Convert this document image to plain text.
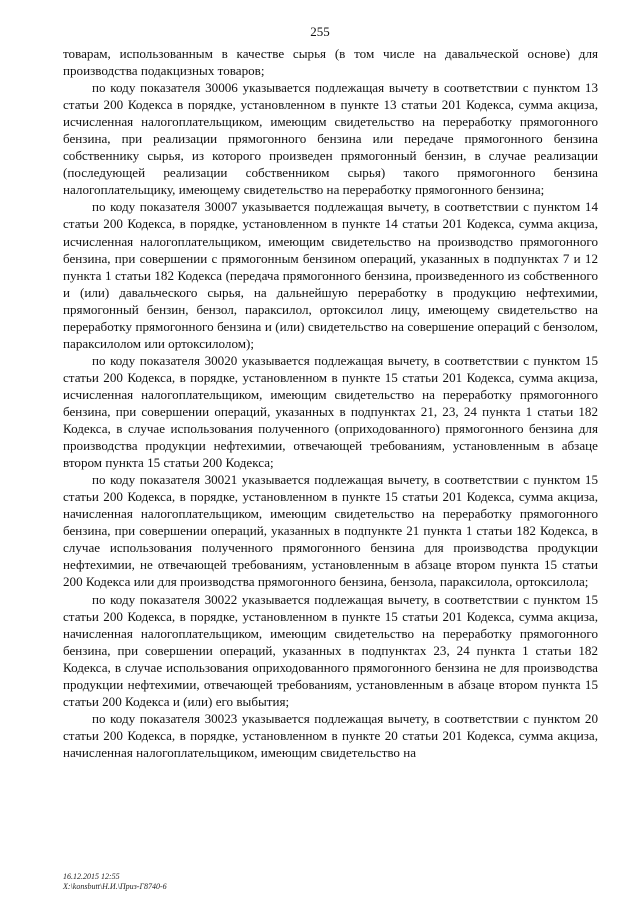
255

товарам, использованным в качестве сырья (в том числе на давальческой основе) для производства подакцизных товаров;

по коду показателя 30006 указывается подлежащая вычету в соответствии с пунктом 13 статьи 200 Кодекса в порядке, установленном в пункте 13 статьи 201 Кодекса, сумма акциза, исчисленная налогоплательщиком, имеющим свидетельство на переработку прямогонного бензина, при реализации прямогонного бензина или передаче прямогонного бензина собственнику сырья, из которого произведен прямогонный бензин, в случае реализации (последующей реализации собственником сырья) такого прямогонного бензина налогоплательщику, имеющему свидетельство на переработку прямогонного бензина;

по коду показателя 30007 указывается подлежащая вычету, в соответствии с пунктом 14 статьи 200 Кодекса, в порядке, установленном в пункте 14 статьи 201 Кодекса, сумма акциза, исчисленная налогоплательщиком, имеющим свидетельство на производство прямогонного бензина, при совершении с прямогонным бензином операций, указанных в подпунктах 7 и 12 пункта 1 статьи 182 Кодекса (передача прямогонного бензина, произведенного из собственного и (или) давальческого сырья, на дальнейшую переработку в продукцию нефтехимии, прямогонный бензин, бензол, параксилол, ортоксилол лицу, имеющему свидетельство на переработку прямогонного бензина и (или) свидетельство на совершение операций с бензолом, параксилолом или ортоксилолом);

по коду показателя 30020 указывается подлежащая вычету, в соответствии с пунктом 15 статьи 200 Кодекса, в порядке, установленном в пункте 15 статьи 201 Кодекса, сумма акциза, исчисленная налогоплательщиком, имеющим свидетельство на переработку прямогонного бензина, при совершении операций, указанных в подпунктах 21, 23, 24 пункта 1 статьи 182 Кодекса, в случае использования полученного (оприходованного) прямогонного бензина для производства продукции нефтехимии, отвечающей требованиям, установленным в абзаце втором пункта 15 статьи 200 Кодекса;

по коду показателя 30021 указывается подлежащая вычету, в соответствии с пунктом 15 статьи 200 Кодекса, в порядке, установленном в пункте 15 статьи 201 Кодекса, сумма акциза, начисленная налогоплательщиком, имеющим свидетельство на переработку прямогонного бензина, при совершении операций, указанных в подпункте 21 пункта 1 статьи 182 Кодекса, в случае использования полученного прямогонного бензина для производства продукции нефтехимии, не отвечающей требованиям, установленным в абзаце втором пункта 15 статьи 200 Кодекса или для производства прямогонного бензина, бензола, параксилола, ортоксилола;

по коду показателя 30022 указывается подлежащая вычету, в соответствии с пунктом 15 статьи 200 Кодекса, в порядке, установленном в пункте 15 статьи 201 Кодекса, сумма акциза, начисленная налогоплательщиком, имеющим свидетельство на переработку прямогонного бензина, при совершении операций, указанных в подпунктах 23, 24 пункта 1 статьи 182 Кодекса, в случае использования оприходованного прямогонного бензина не для производства продукции нефтехимии, отвечающей требованиям, установленным в абзаце втором пункта 15 статьи 200 Кодекса и (или) его выбытия;

по коду показателя 30023 указывается подлежащая вычету, в соответствии с пунктом 20 статьи 200 Кодекса, в порядке, установленном в пункте 20 статьи 201 Кодекса, сумма акциза, начисленная налогоплательщиком, имеющим свидетельство на

16.12.2015 12:55
X:\konsbutt\Н.И.\Приз-Г8740-6
